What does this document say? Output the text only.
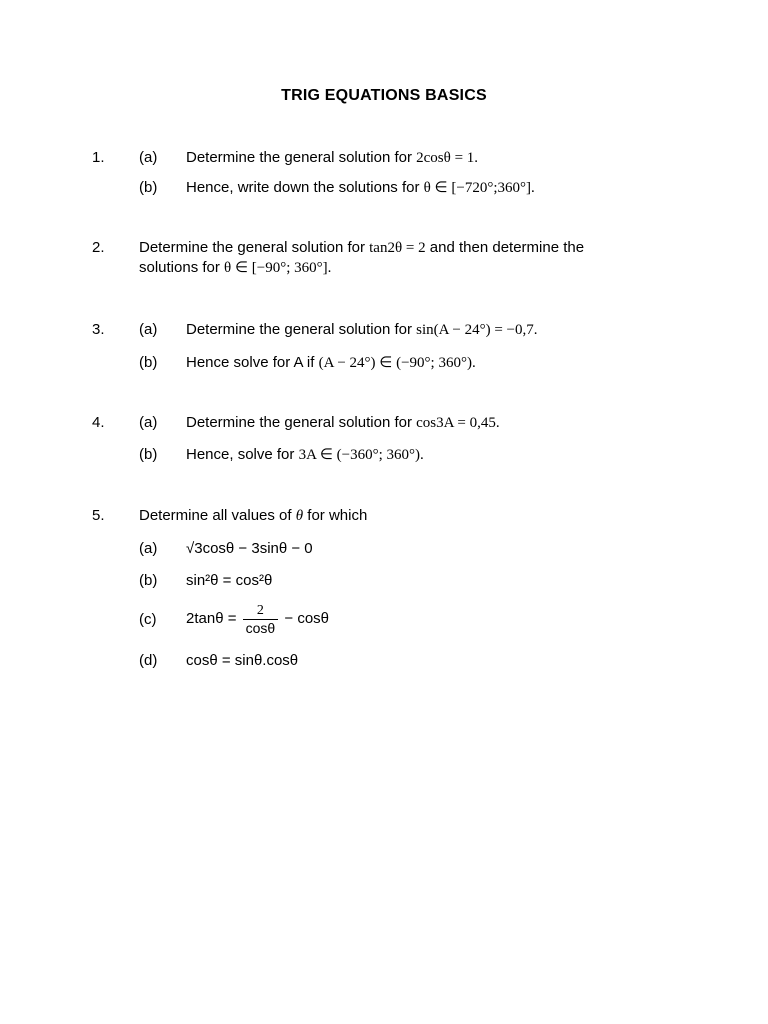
TRIG EQUATIONS BASICS
1. (a) Determine the general solution for 2cosθ = 1.
(b) Hence, write down the solutions for θ ∈ [−720°;360°].
2. Determine the general solution for tan2θ = 2 and then determine the
solutions for θ ∈ [−90°; 360°].
3. (a) Determine the general solution for sin(A − 24°) = −0,7.
(b) Hence solve for A if (A − 24°) ∈ (−90°; 360°).
4. (a) Determine the general solution for cos3A = 0,45.
(b) Hence, solve for 3A ∈ (−360°; 360°).
5. Determine all values of θ for which
(a) √3cosθ − 3sinθ − 0
(b) sin²θ = cos²θ
(c) $2\tan\theta = \frac{2}{\cos\theta} - \cos\theta$
(d) cosθ = sinθ.cosθ
